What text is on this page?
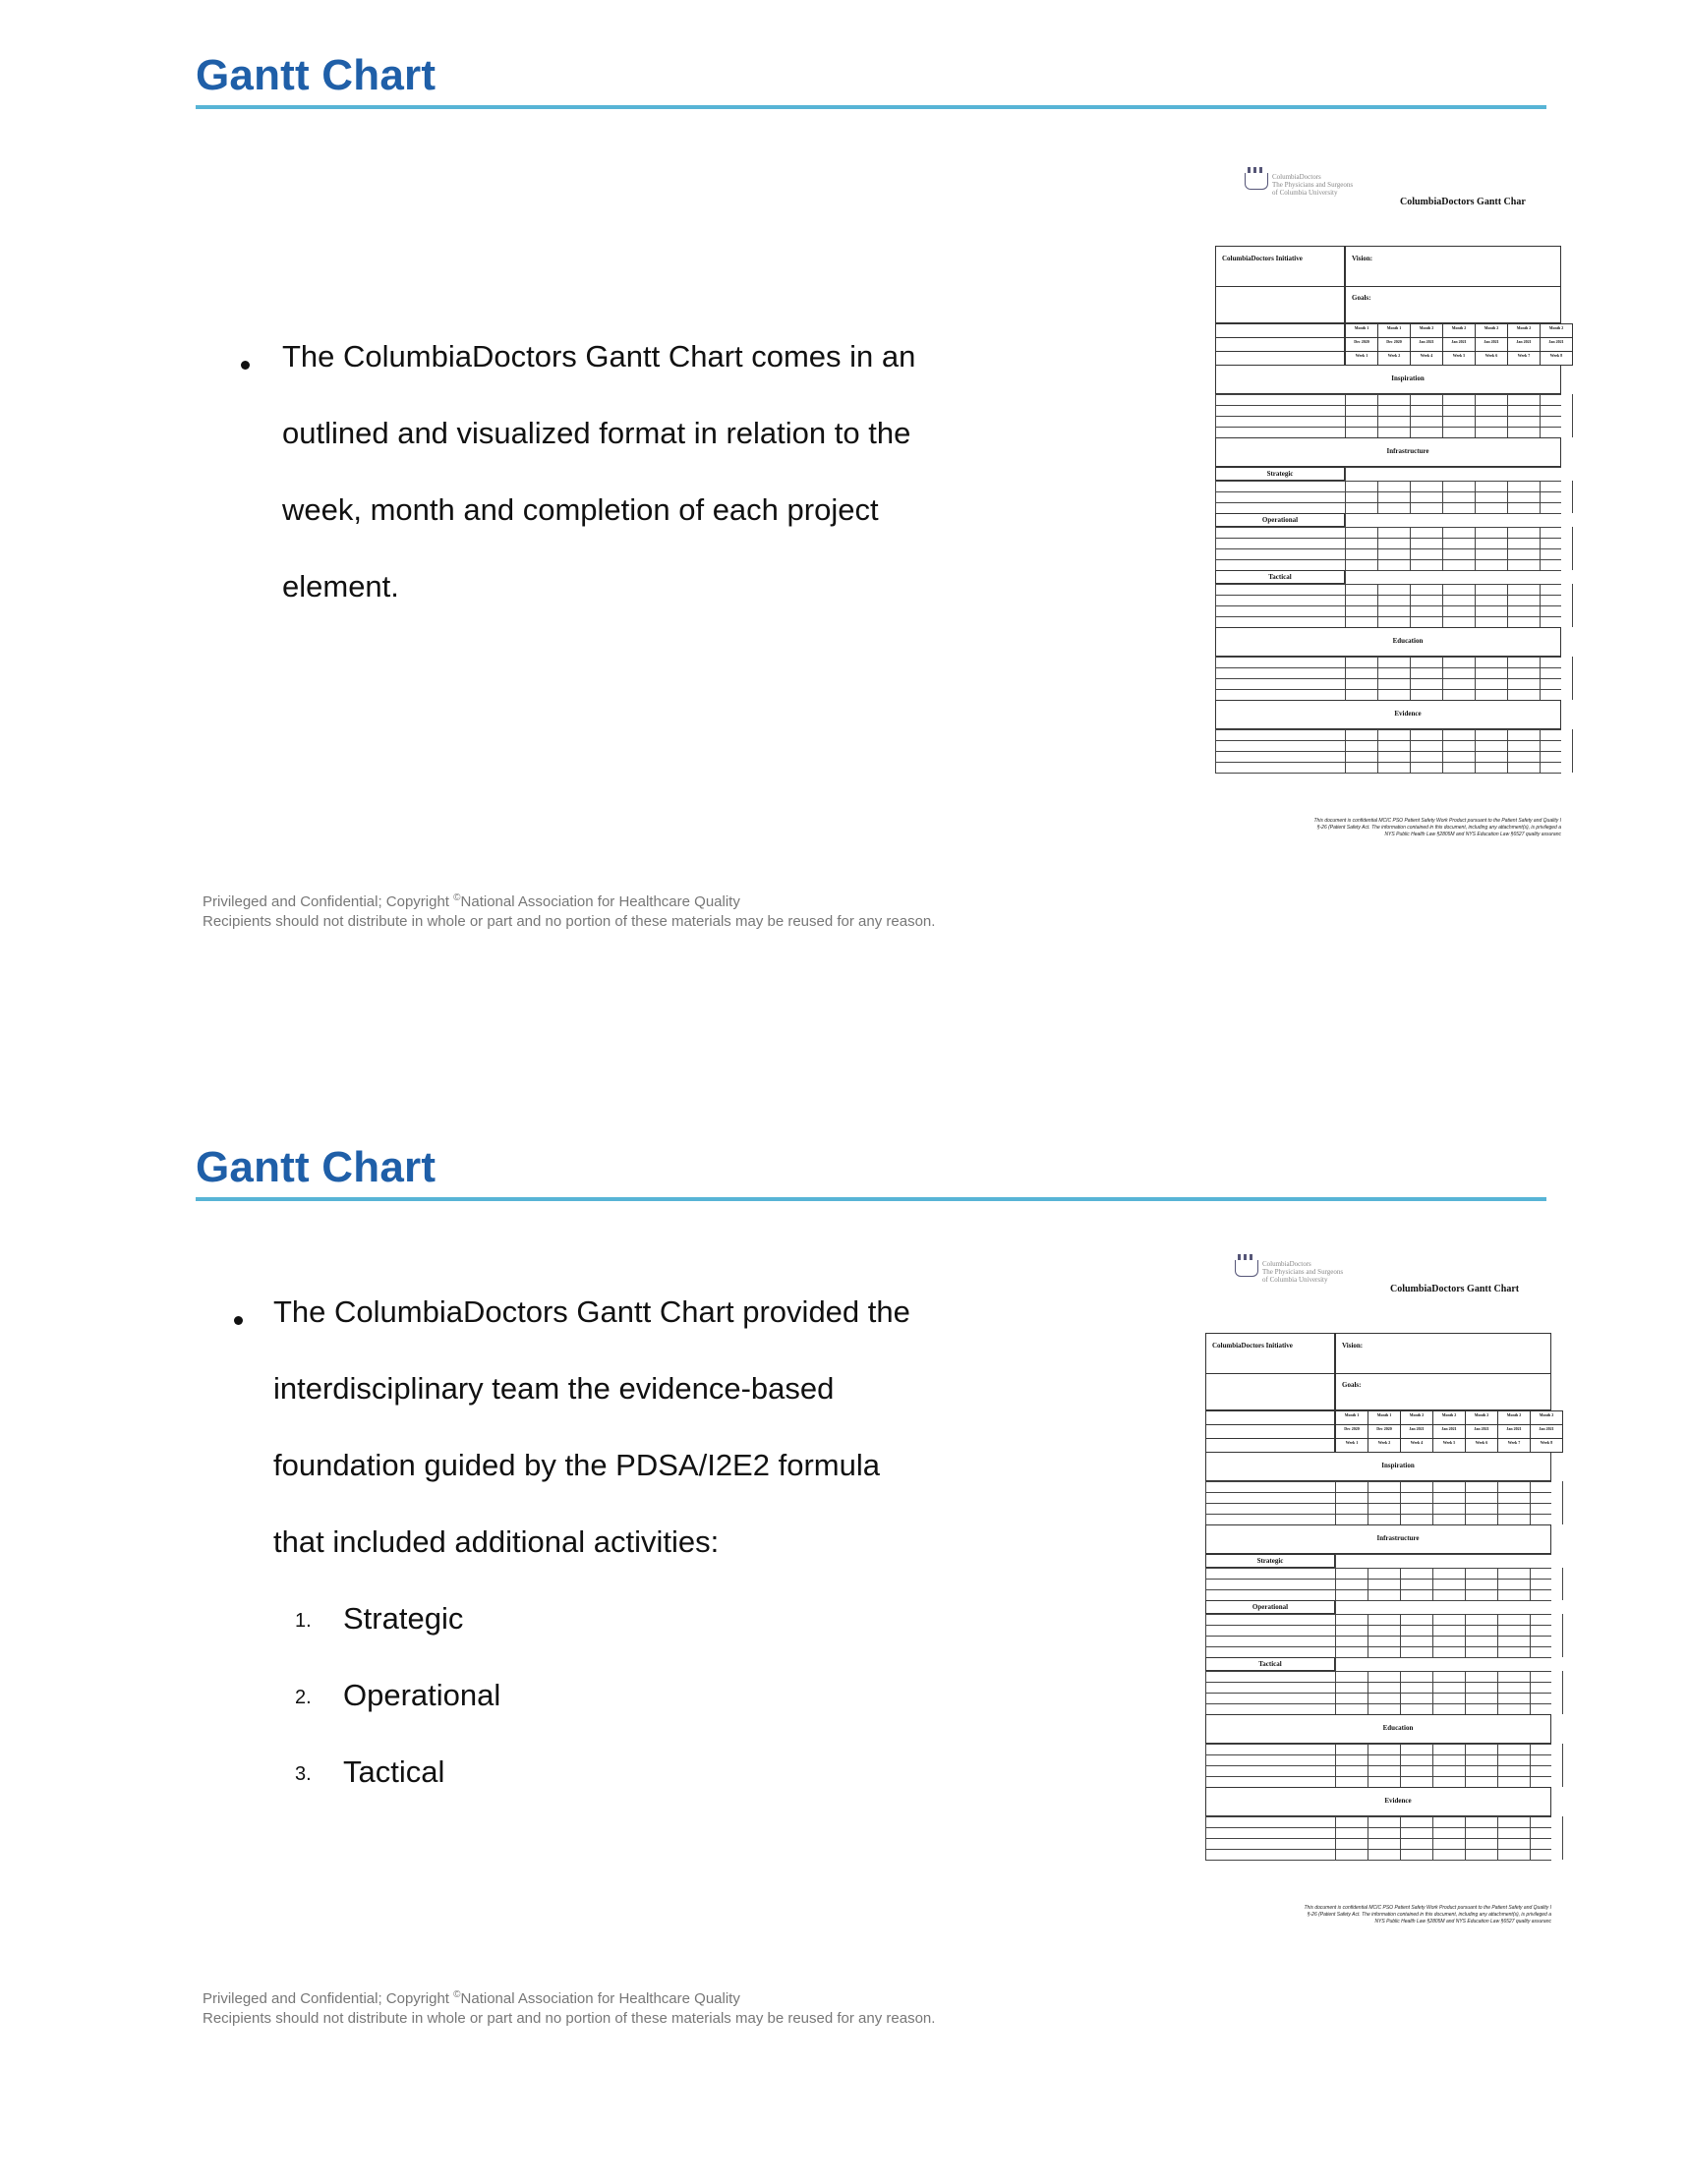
Gantt Chart
The ColumbiaDoctors Gantt Chart comes in an
outlined and visualized format in relation to the
week, month and completion of each project
element.
ColumbiaDoctors
The Physicians and Surgeons
of Columbia University
ColumbiaDoctors Gantt Char
ColumbiaDoctors Initiative	Vision:
Goals:
Month 1	Month 1	Month 2	Month 2	Month 2	Month 2	Month 2
Dec 2020	Dec 2020	Jan 2021	Jan 2021	Jan 2021	Jan 2021	Jan 2021
Week 1	Week 2	Week 4	Week 5	Week 6	Week 7	Week 8
Inspiration
Infrastructure
Strategic
Operational
Tactical
Education
Evidence
This document is confidential MCIC PSO Patient Safety Work Product pursuant to the Patient Safety and Quality I
§-26 (Patient Safety Act. The information contained in this document, including any attachment(s), is privileged a
NYS Public Health Law §2805M and NYS Education Law §6527 quality assuranc
Privileged and Confidential; Copyright ©National Association for Healthcare Quality
Recipients should not distribute in whole or part and no portion of these materials may be reused for any reason.
Gantt Chart
The ColumbiaDoctors Gantt Chart provided the
interdisciplinary team the evidence-based
foundation guided by the PDSA/I2E2 formula
that included additional activities:
1. Strategic
2. Operational
3. Tactical
ColumbiaDoctors
The Physicians and Surgeons
of Columbia University
ColumbiaDoctors Gantt Chart
ColumbiaDoctors Initiative	Vision:
Goals:
Month 1	Month 1	Month 2	Month 2	Month 2	Month 2	Month 2
Dec 2020	Dec 2020	Jan 2021	Jan 2021	Jan 2021	Jan 2021	Jan 2021
Week 1	Week 2	Week 4	Week 5	Week 6	Week 7	Week 8
Inspiration
Infrastructure
Strategic
Operational
Tactical
Education
Evidence
This document is confidential MCIC PSO Patient Safety Work Product pursuant to the Patient Safety and Quality I
§-26 (Patient Safety Act. The information contained in this document, including any attachment(s), is privileged a
NYS Public Health Law §2805M and NYS Education Law §6527 quality assuranc
Privileged and Confidential; Copyright ©National Association for Healthcare Quality
Recipients should not distribute in whole or part and no portion of these materials may be reused for any reason.
